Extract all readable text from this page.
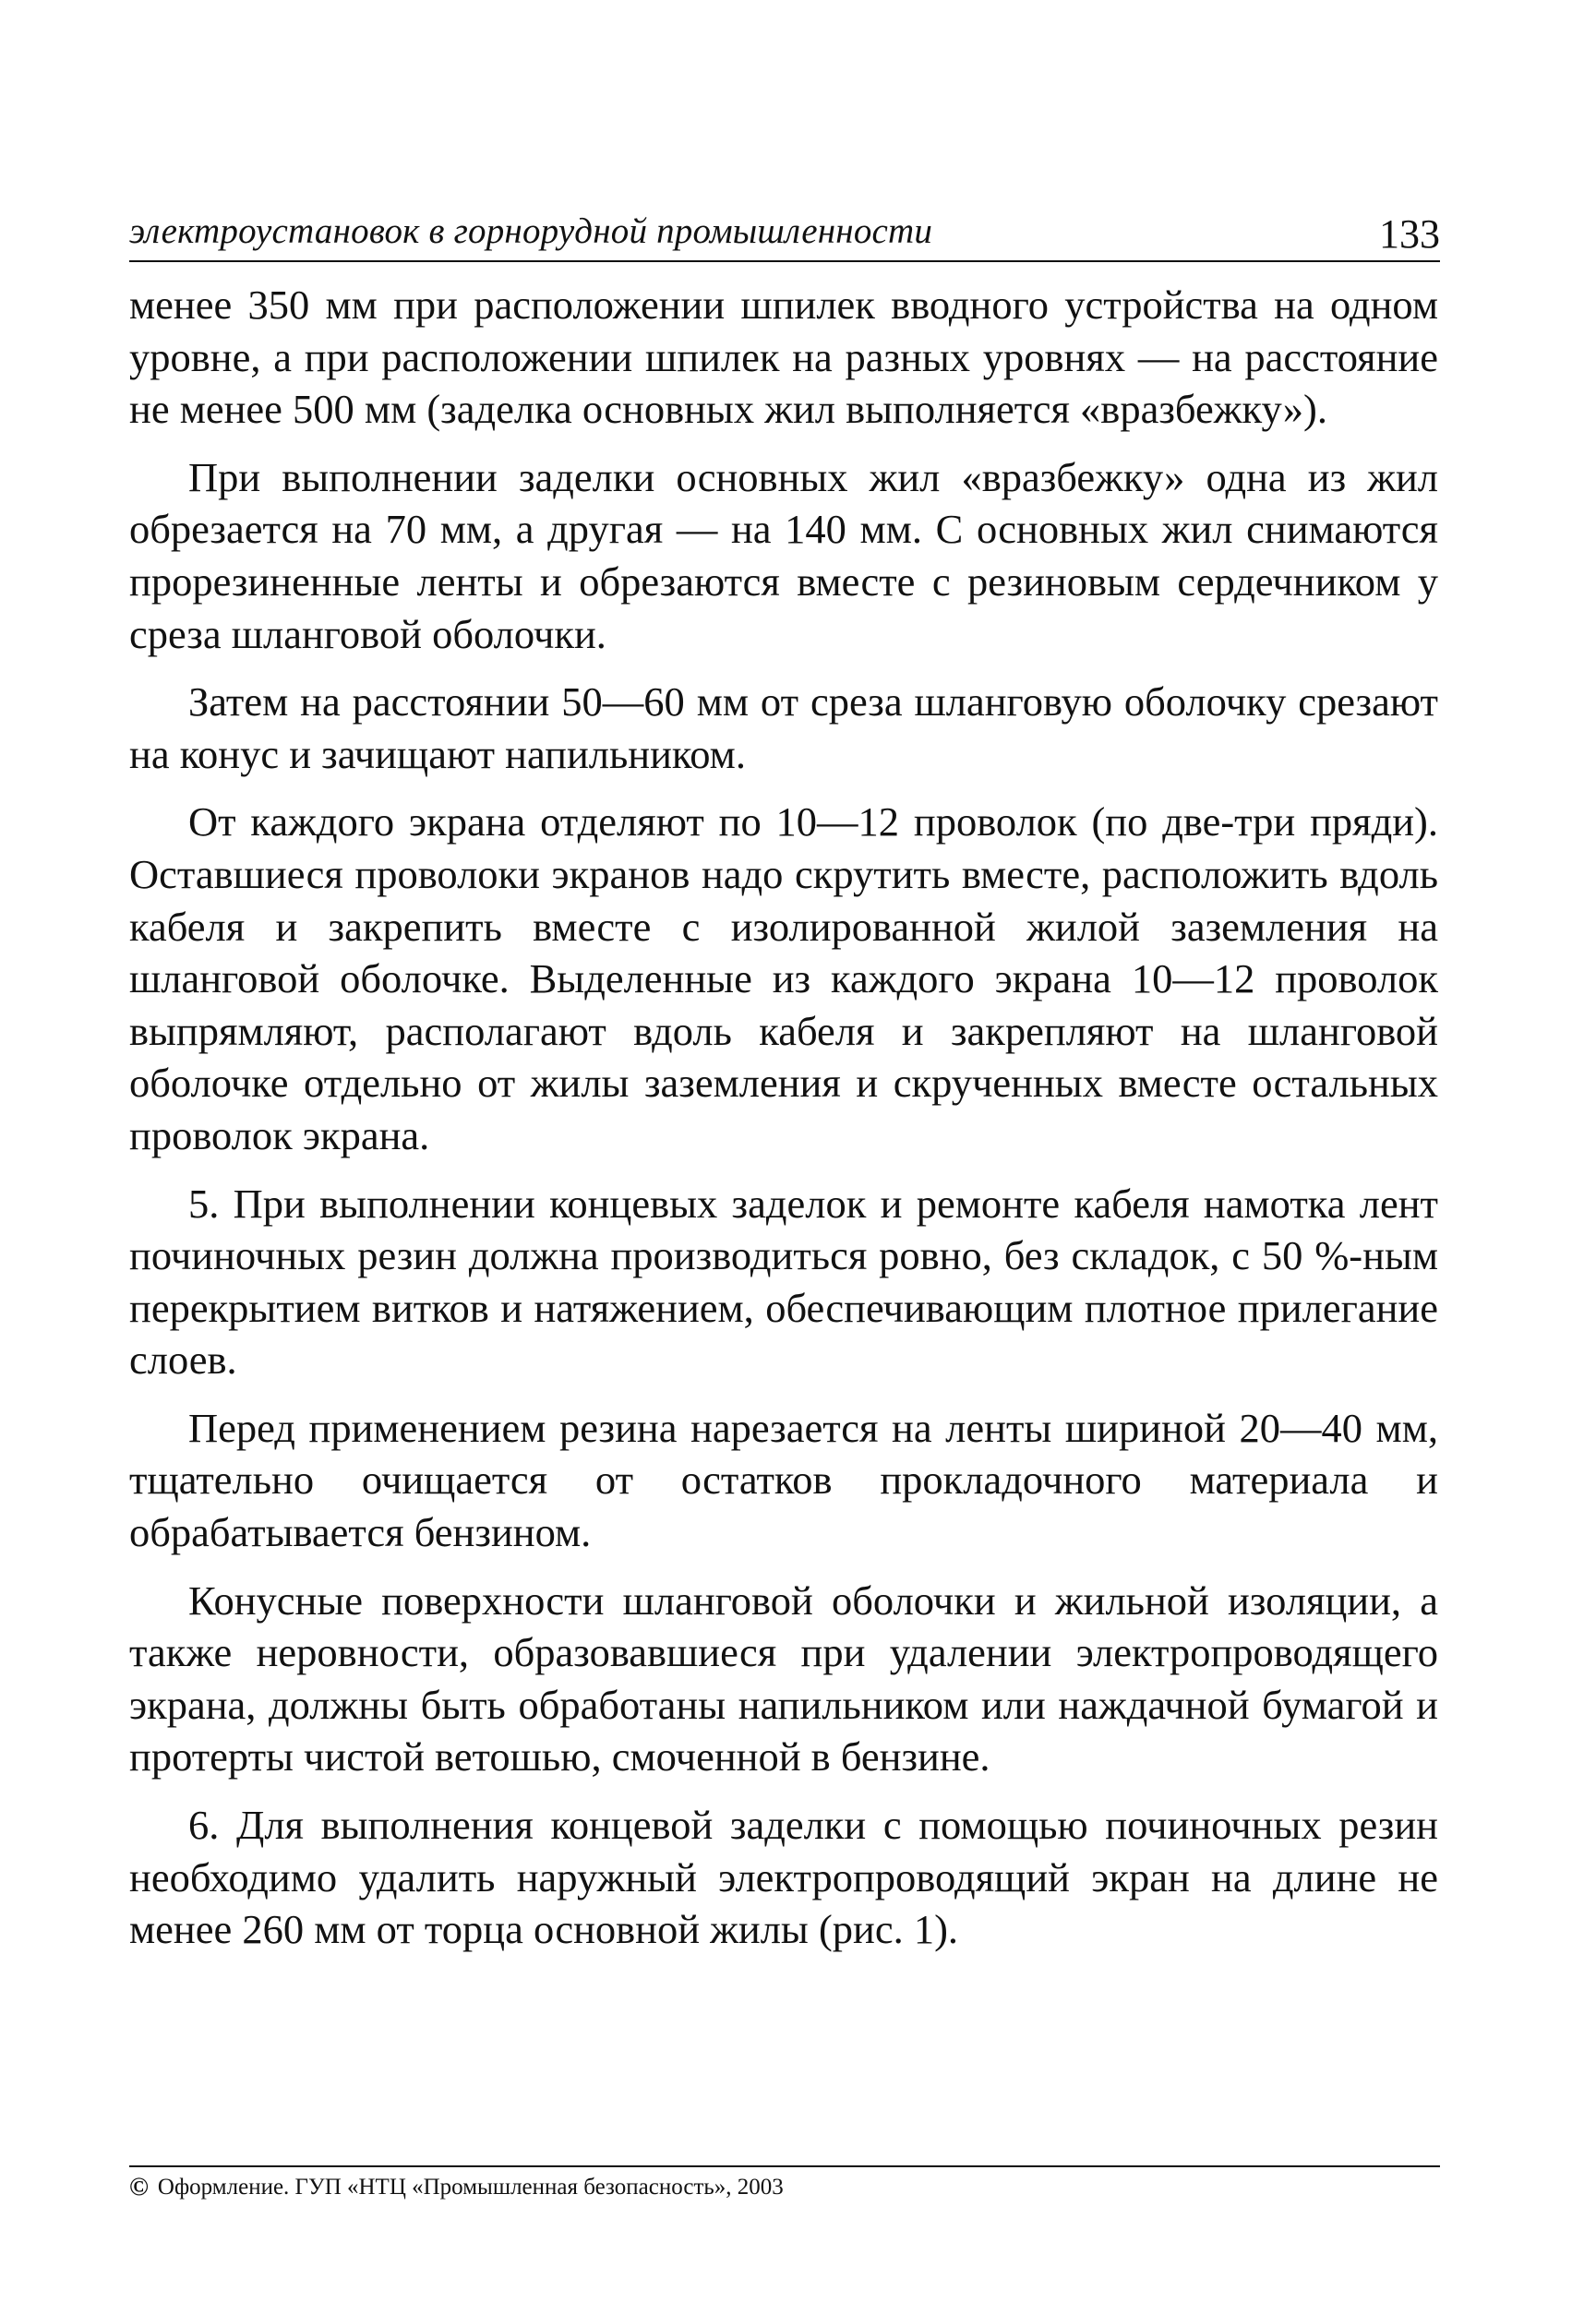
электроустановок в горнорудной промышленности	133

менее 350 мм при расположении шпилек вводного устройства на одном уровне, а при расположении шпилек на разных уровнях — на расстояние не менее 500 мм (заделка основных жил выполняется «вразбежку»).

При выполнении заделки основных жил «вразбежку» одна из жил обрезается на 70 мм, а другая — на 140 мм. С основных жил снимаются прорезиненные ленты и обрезаются вместе с резиновым сердечником у среза шланговой оболочки.

Затем на расстоянии 50—60 мм от среза шланговую оболочку срезают на конус и зачищают напильником.

От каждого экрана отделяют по 10—12 проволок (по две-три пряди). Оставшиеся проволоки экранов надо скрутить вместе, расположить вдоль кабеля и закрепить вместе с изолированной жилой заземления на шланговой оболочке. Выделенные из каждого экрана 10—12 проволок выпрямляют, располагают вдоль кабеля и закрепляют на шланговой оболочке отдельно от жилы заземления и скрученных вместе остальных проволок экрана.

5. При выполнении концевых заделок и ремонте кабеля намотка лент починочных резин должна производиться ровно, без складок, с 50 %-ным перекрытием витков и натяжением, обеспечивающим плотное прилегание слоев.

Перед применением резина нарезается на ленты шириной 20—40 мм, тщательно очищается от остатков прокладочного материала и обрабатывается бензином.

Конусные поверхности шланговой оболочки и жильной изоляции, а также неровности, образовавшиеся при удалении электропроводящего экрана, должны быть обработаны напильником или наждачной бумагой и протерты чистой ветошью, смоченной в бензине.

6. Для выполнения концевой заделки с помощью починочных резин необходимо удалить наружный электропроводящий экран на длине не менее 260 мм от торца основной жилы (рис. 1).

© Оформление. ГУП «НТЦ «Промышленная безопасность», 2003
